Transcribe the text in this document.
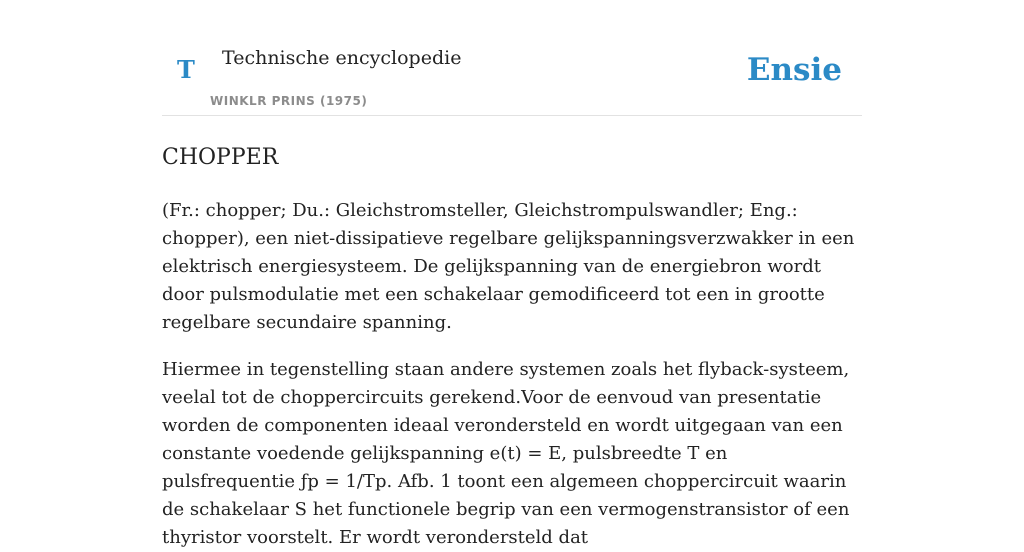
T Technische encyclopedie
WINKLR PRINS (1975)
Ensie
CHOPPER

(Fr.: chopper; Du.: Gleichstromsteller, Gleichstrompulswandler; Eng.: chopper), een niet-dissipatieve regelbare gelijkspanningsverzwakker in een elektrisch energiesysteem. De gelijkspanning van de energiebron wordt door pulsmodulatie met een schakelaar gemodificeerd tot een in grootte regelbare secundaire spanning.

Hiermee in tegenstelling staan andere systemen zoals het flyback-systeem, veelal tot de choppercircuits gerekend.Voor de eenvoud van presentatie worden de componenten ideaal verondersteld en wordt uitgegaan van een constante voedende gelijkspanning e(t) = E, pulsbreedte T en pulsfrequentie ƒp = 1/Tp. Afb. 1 toont een algemeen choppercircuit waarin de schakelaar S het functionele begrip van een vermogenstransistor of een thyristor voorstelt. Er wordt verondersteld dat
